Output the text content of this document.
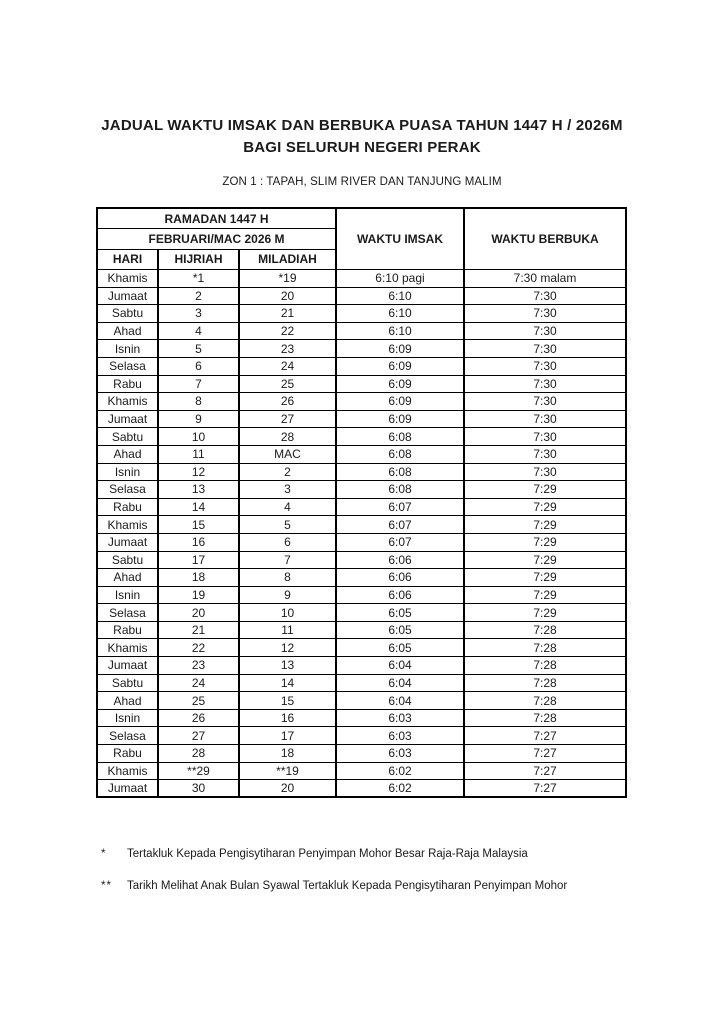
JADUAL WAKTU IMSAK DAN BERBUKA PUASA TAHUN 1447 H / 2026M
BAGI SELURUH NEGERI PERAK
ZON 1 : TAPAH, SLIM RIVER DAN TANJUNG MALIM
RAMADAN 1447 H			WAKTU IMSAK	WAKTU BERBUKA
FEBRUARI/MAC 2026 M				
HARI	HIJRIAH	MILADIAH		
Khamis	*1	*19	6:10 pagi	7:30 malam
Jumaat	2	20	6:10	7:30
Sabtu	3	21	6:10	7:30
Ahad	4	22	6:10	7:30
Isnin	5	23	6:09	7:30
Selasa	6	24	6:09	7:30
Rabu	7	25	6:09	7:30
Khamis	8	26	6:09	7:30
Jumaat	9	27	6:09	7:30
Sabtu	10	28	6:08	7:30
Ahad	11	MAC	6:08	7:30
Isnin	12	2	6:08	7:30
Selasa	13	3	6:08	7:29
Rabu	14	4	6:07	7:29
Khamis	15	5	6:07	7:29
Jumaat	16	6	6:07	7:29
Sabtu	17	7	6:06	7:29
Ahad	18	8	6:06	7:29
Isnin	19	9	6:06	7:29
Selasa	20	10	6:05	7:29
Rabu	21	11	6:05	7:28
Khamis	22	12	6:05	7:28
Jumaat	23	13	6:04	7:28
Sabtu	24	14	6:04	7:28
Ahad	25	15	6:04	7:28
Isnin	26	16	6:03	7:28
Selasa	27	17	6:03	7:27
Rabu	28	18	6:03	7:27
Khamis	**29	**19	6:02	7:27
Jumaat	30	20	6:02	7:27
*	Tertakluk Kepada Pengisytiharan Penyimpan Mohor Besar Raja-Raja Malaysia
**	Tarikh Melihat Anak Bulan Syawal Tertakluk Kepada Pengisytiharan Penyimpan Mohor
